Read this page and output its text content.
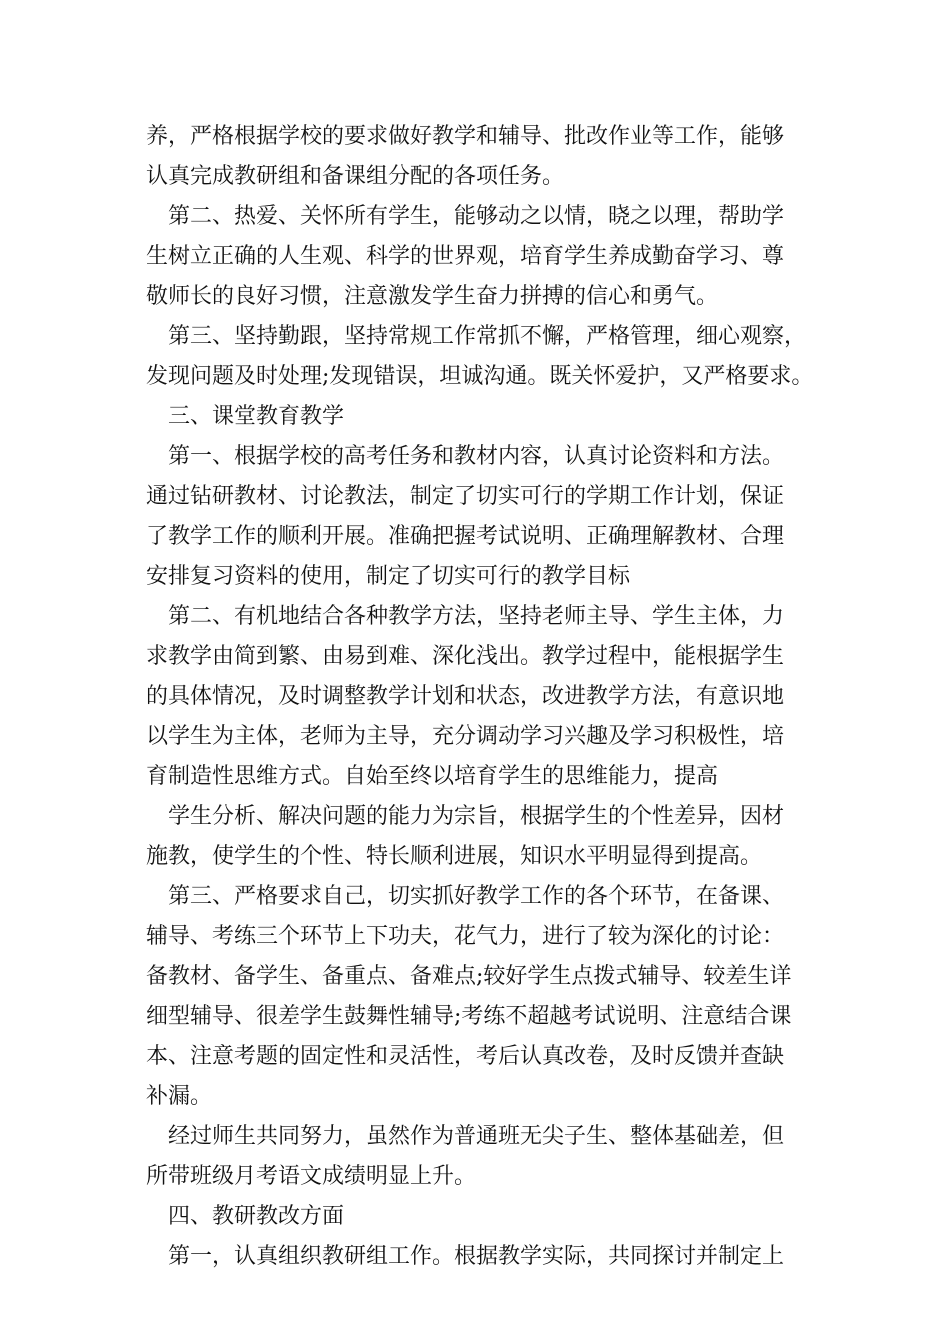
养，严格根据学校的要求做好教学和辅导、批改作业等工作，能够
认真完成教研组和备课组分配的各项任务。
第二、热爱、关怀所有学生，能够动之以情，晓之以理，帮助学
生树立正确的人生观、科学的世界观，培育学生养成勤奋学习、尊
敬师长的良好习惯，注意激发学生奋力拼搏的信心和勇气。
第三、坚持勤跟，坚持常规工作常抓不懈，严格管理，细心观察，
发现问题及时处理;发现错误，坦诚沟通。既关怀爱护，又严格要求。
三、课堂教育教学
第一、根据学校的高考任务和教材内容，认真讨论资料和方法。
通过钻研教材、讨论教法，制定了切实可行的学期工作计划，保证
了教学工作的顺利开展。准确把握考试说明、正确理解教材、合理
安排复习资料的使用，制定了切实可行的教学目标
第二、有机地结合各种教学方法，坚持老师主导、学生主体，力
求教学由简到繁、由易到难、深化浅出。教学过程中，能根据学生
的具体情况，及时调整教学计划和状态，改进教学方法，有意识地
以学生为主体，老师为主导，充分调动学习兴趣及学习积极性，培
育制造性思维方式。自始至终以培育学生的思维能力，提高
学生分析、解决问题的能力为宗旨，根据学生的个性差异，因材
施教，使学生的个性、特长顺利进展，知识水平明显得到提高。
第三、严格要求自己，切实抓好教学工作的各个环节，在备课、
辅导、考练三个环节上下功夫，花气力，进行了较为深化的讨论：
备教材、备学生、备重点、备难点;较好学生点拨式辅导、较差生详
细型辅导、很差学生鼓舞性辅导;考练不超越考试说明、注意结合课
本、注意考题的固定性和灵活性，考后认真改卷，及时反馈并查缺
补漏。
经过师生共同努力，虽然作为普通班无尖子生、整体基础差，但
所带班级月考语文成绩明显上升。
四、教研教改方面
第一，认真组织教研组工作。根据教学实际，共同探讨并制定上
